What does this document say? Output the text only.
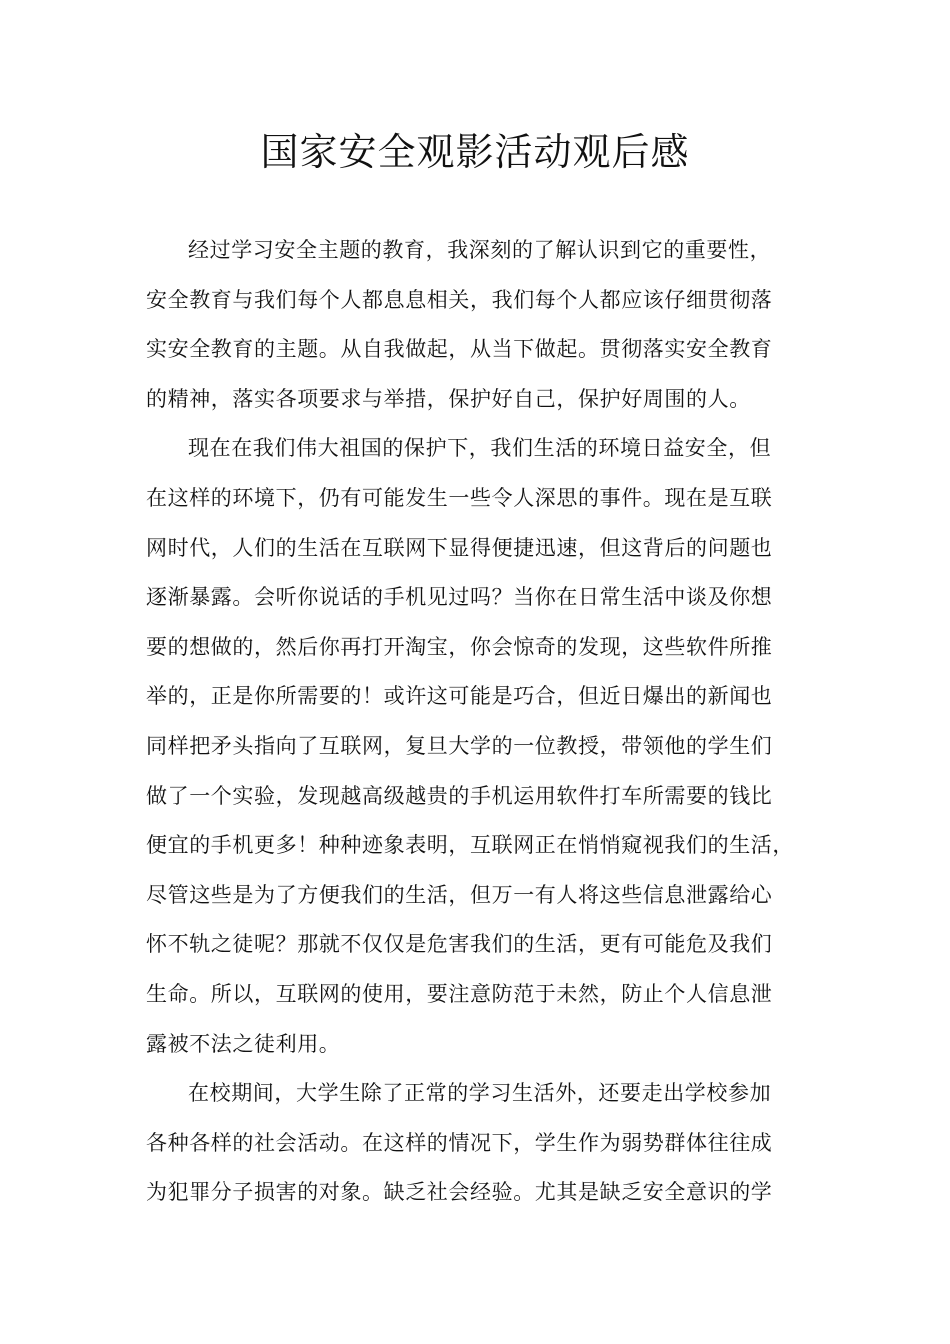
国家安全观影活动观后感
经过学习安全主题的教育，我深刻的了解认识到它的重要性，
安全教育与我们每个人都息息相关，我们每个人都应该仔细贯彻落
实安全教育的主题。从自我做起，从当下做起。贯彻落实安全教育
的精神，落实各项要求与举措，保护好自己，保护好周围的人。
现在在我们伟大祖国的保护下，我们生活的环境日益安全，但
在这样的环境下，仍有可能发生一些令人深思的事件。现在是互联
网时代，人们的生活在互联网下显得便捷迅速，但这背后的问题也
逐渐暴露。会听你说话的手机见过吗？当你在日常生活中谈及你想
要的想做的，然后你再打开淘宝，你会惊奇的发现，这些软件所推
举的，正是你所需要的！或许这可能是巧合，但近日爆出的新闻也
同样把矛头指向了互联网，复旦大学的一位教授，带领他的学生们
做了一个实验，发现越高级越贵的手机运用软件打车所需要的钱比
便宜的手机更多！种种迹象表明，互联网正在悄悄窥视我们的生活，
尽管这些是为了方便我们的生活，但万一有人将这些信息泄露给心
怀不轨之徒呢？那就不仅仅是危害我们的生活，更有可能危及我们
生命。所以，互联网的使用，要注意防范于未然，防止个人信息泄
露被不法之徒利用。
在校期间，大学生除了正常的学习生活外，还要走出学校参加
各种各样的社会活动。在这样的情况下，学生作为弱势群体往往成
为犯罪分子损害的对象。缺乏社会经验。尤其是缺乏安全意识的学
